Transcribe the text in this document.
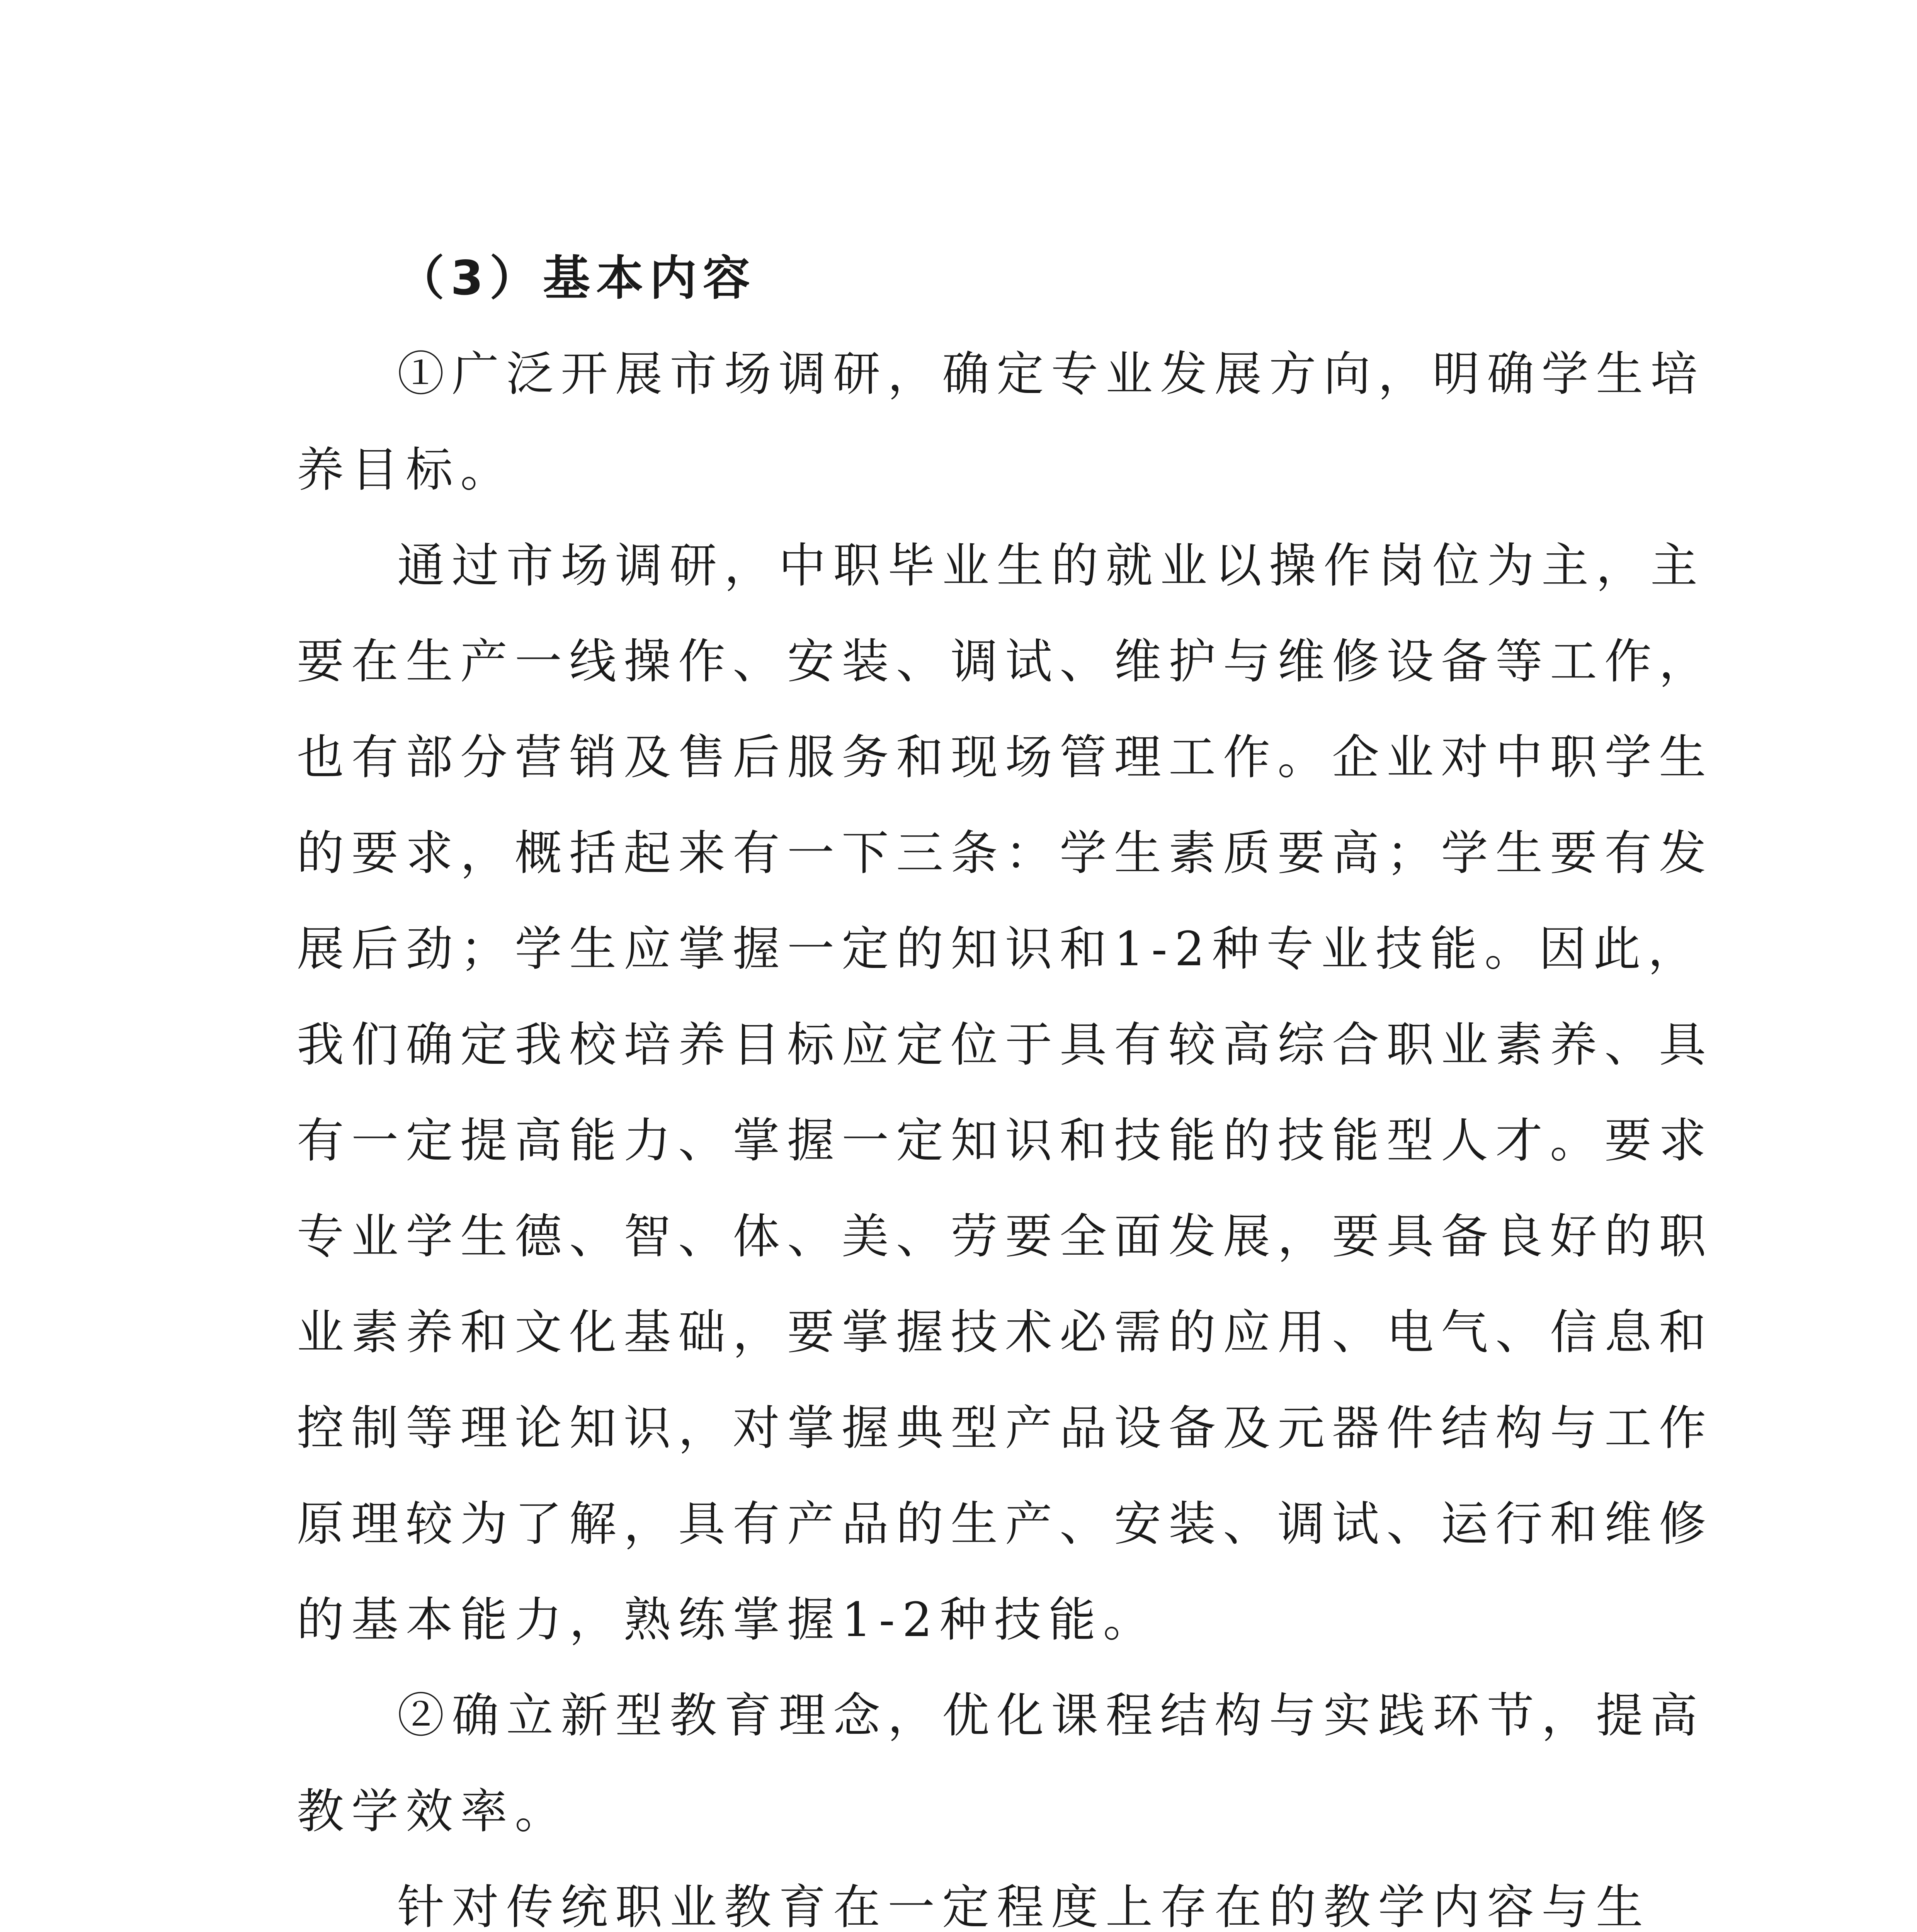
（3）基本内容

①广泛开展市场调研，确定专业发展方向，明确学生培
养目标。

通过市场调研，中职毕业生的就业以操作岗位为主，主
要在生产一线操作、安装、调试、维护与维修设备等工作，
也有部分营销及售后服务和现场管理工作。企业对中职学生
的要求，概括起来有一下三条：学生素质要高；学生要有发
展后劲；学生应掌握一定的知识和1-2种专业技能。因此，
我们确定我校培养目标应定位于具有较高综合职业素养、具
有一定提高能力、掌握一定知识和技能的技能型人才。要求
专业学生德、智、体、美、劳要全面发展，要具备良好的职
业素养和文化基础，要掌握技术必需的应用、电气、信息和
控制等理论知识，对掌握典型产品设备及元器件结构与工作
原理较为了解，具有产品的生产、安装、调试、运行和维修
的基本能力，熟练掌握1-2种技能。

②确立新型教育理念，优化课程结构与实践环节，提高
教学效率。

针对传统职业教育在一定程度上存在的教学内容与生
